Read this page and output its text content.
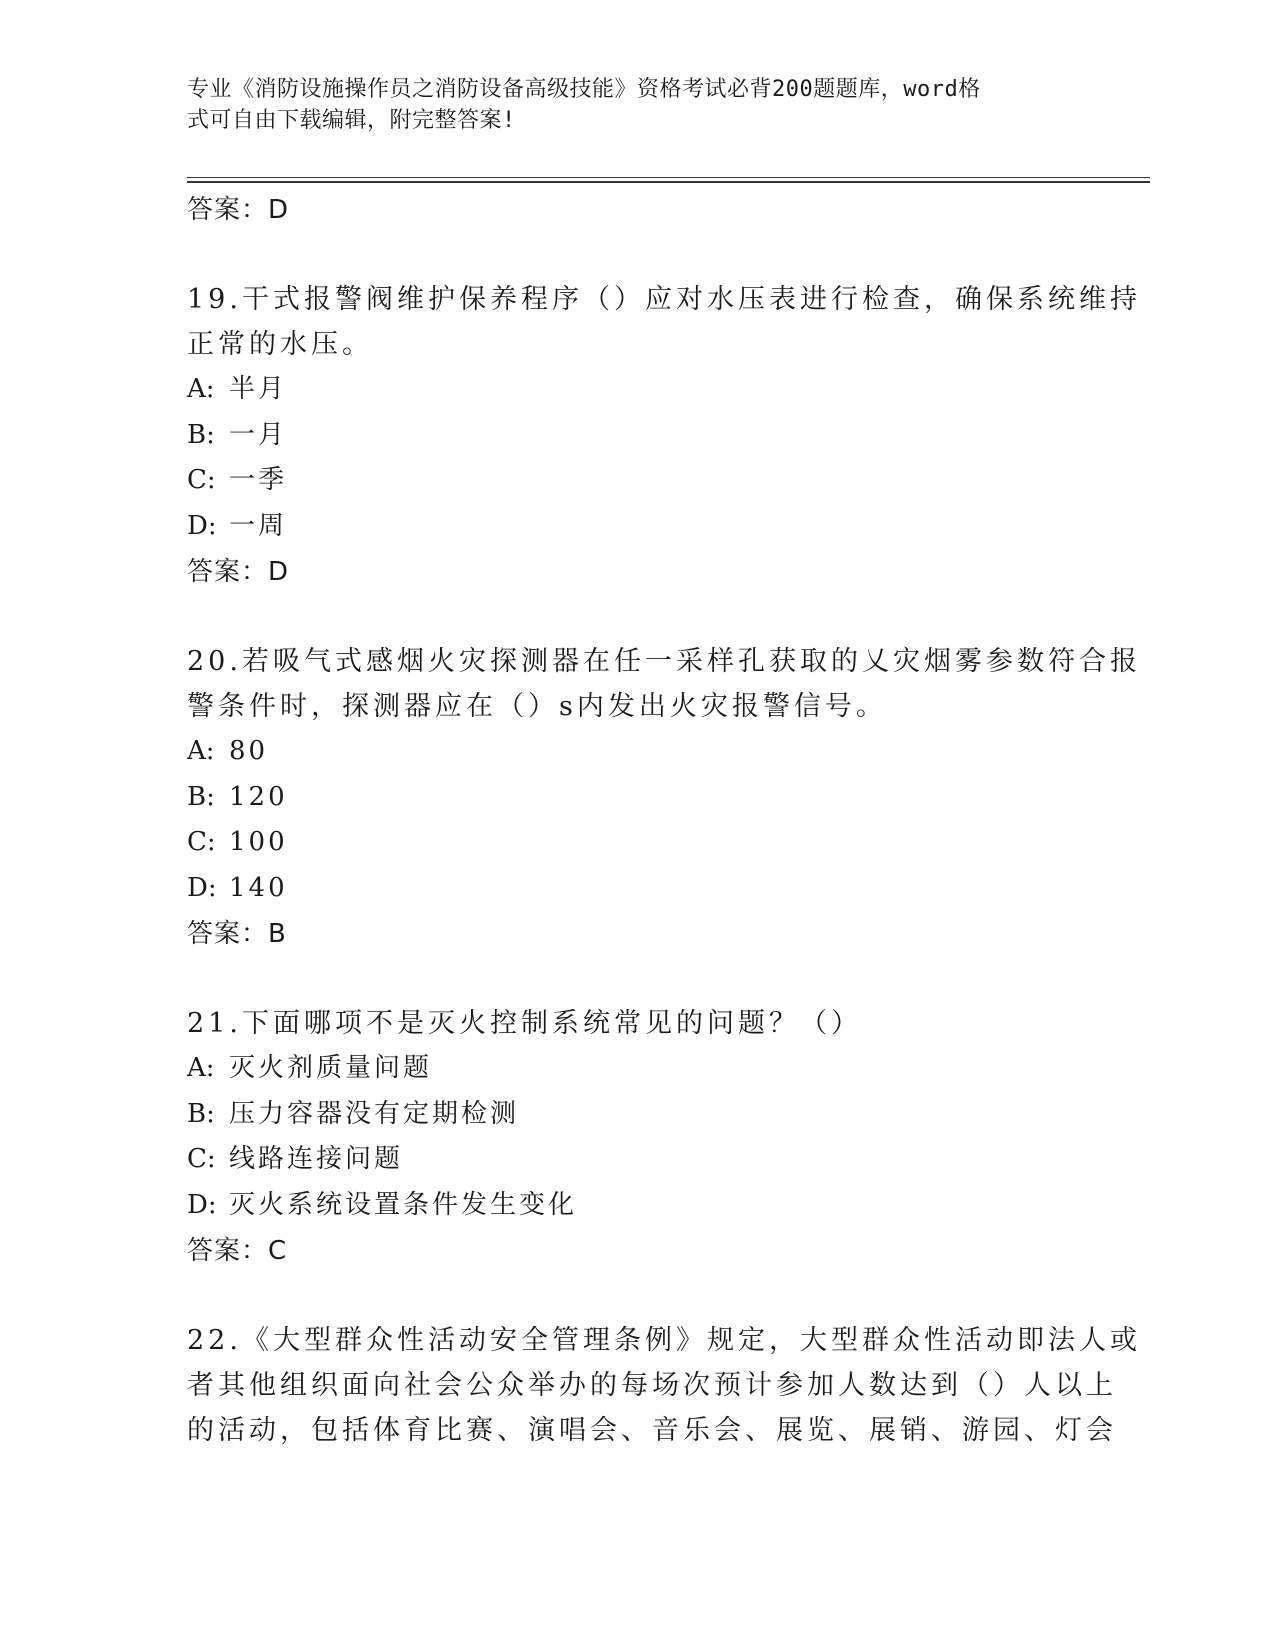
专业《消防设施操作员之消防设备高级技能》资格考试必背200题题库，word格
式可自由下载编辑，附完整答案!
答案：D
19.干式报警阀维护保养程序（）应对水压表进行检查，确保系统维持
正常的水压。
A: 半月
B: 一月
C: 一季
D: 一周
答案：D
20.若吸气式感烟火灾探测器在任一采样孔获取的乂灾烟雾参数符合报
警条件时，探测器应在（）s内发出火灾报警信号。
A: 80
B: 120
C: 100
D: 140
答案：B
21.下面哪项不是灭火控制系统常见的问题？（）
A: 灭火剂质量问题
B: 压力容器没有定期检测
C: 线路连接问题
D: 灭火系统设置条件发生变化
答案：C
22.《大型群众性活动安全管理条例》规定，大型群众性活动即法人或
者其他组织面向社会公众举办的每场次预计参加人数达到（）人以上
的活动，包括体育比赛、演唱会、音乐会、展览、展销、游园、灯会
